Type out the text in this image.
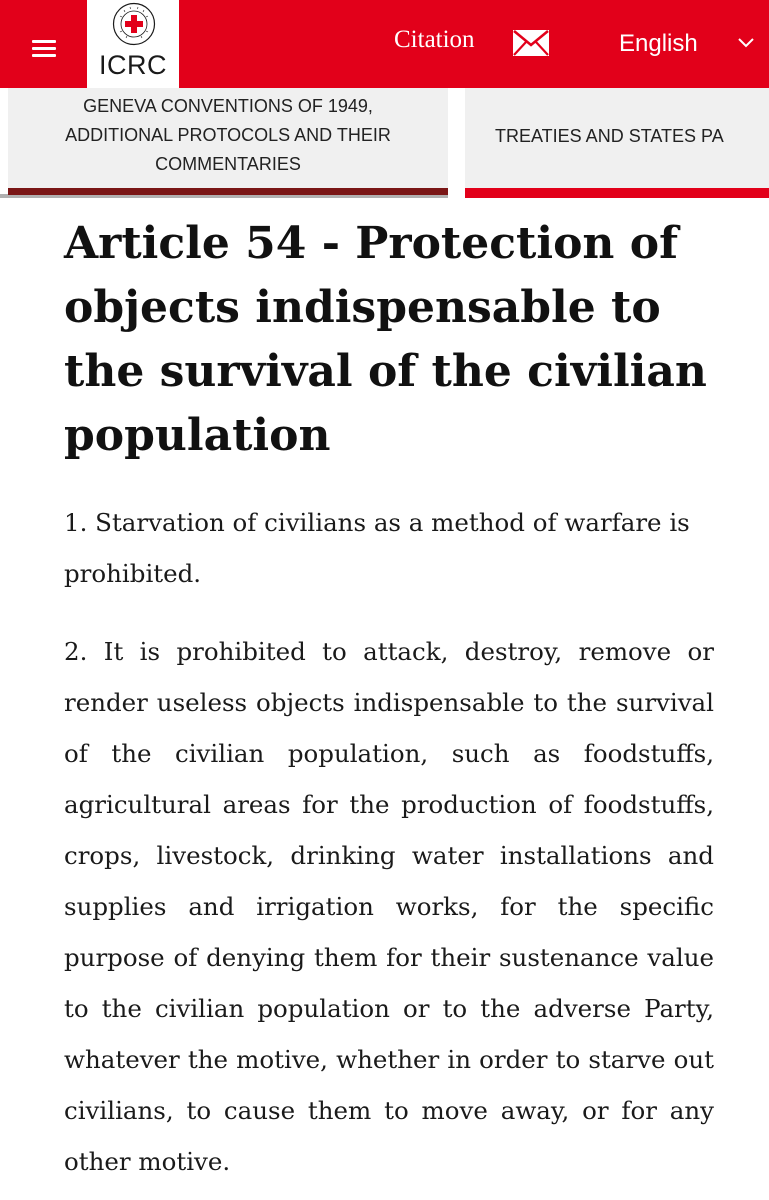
ICRC
Citation	English
GENEVA CONVENTIONS OF 1949,
ADDITIONAL PROTOCOLS AND THEIR
COMMENTARIES
TREATIES AND STATES PA
Article 54 - Protection of objects indispensable to the survival of the civilian population

1. Starvation of civilians as a method of warfare is prohibited.

2. It is prohibited to attack, destroy, remove or render useless objects indispensable to the survival of the civilian population, such as foodstuffs, agricultural areas for the production of foodstuffs, crops, livestock, drinking water installations and supplies and irrigation works, for the specific purpose of denying them for their sustenance value to the civilian population or to the adverse Party, whatever the motive, whether in order to starve out civilians, to cause them to move away, or for any other motive.
